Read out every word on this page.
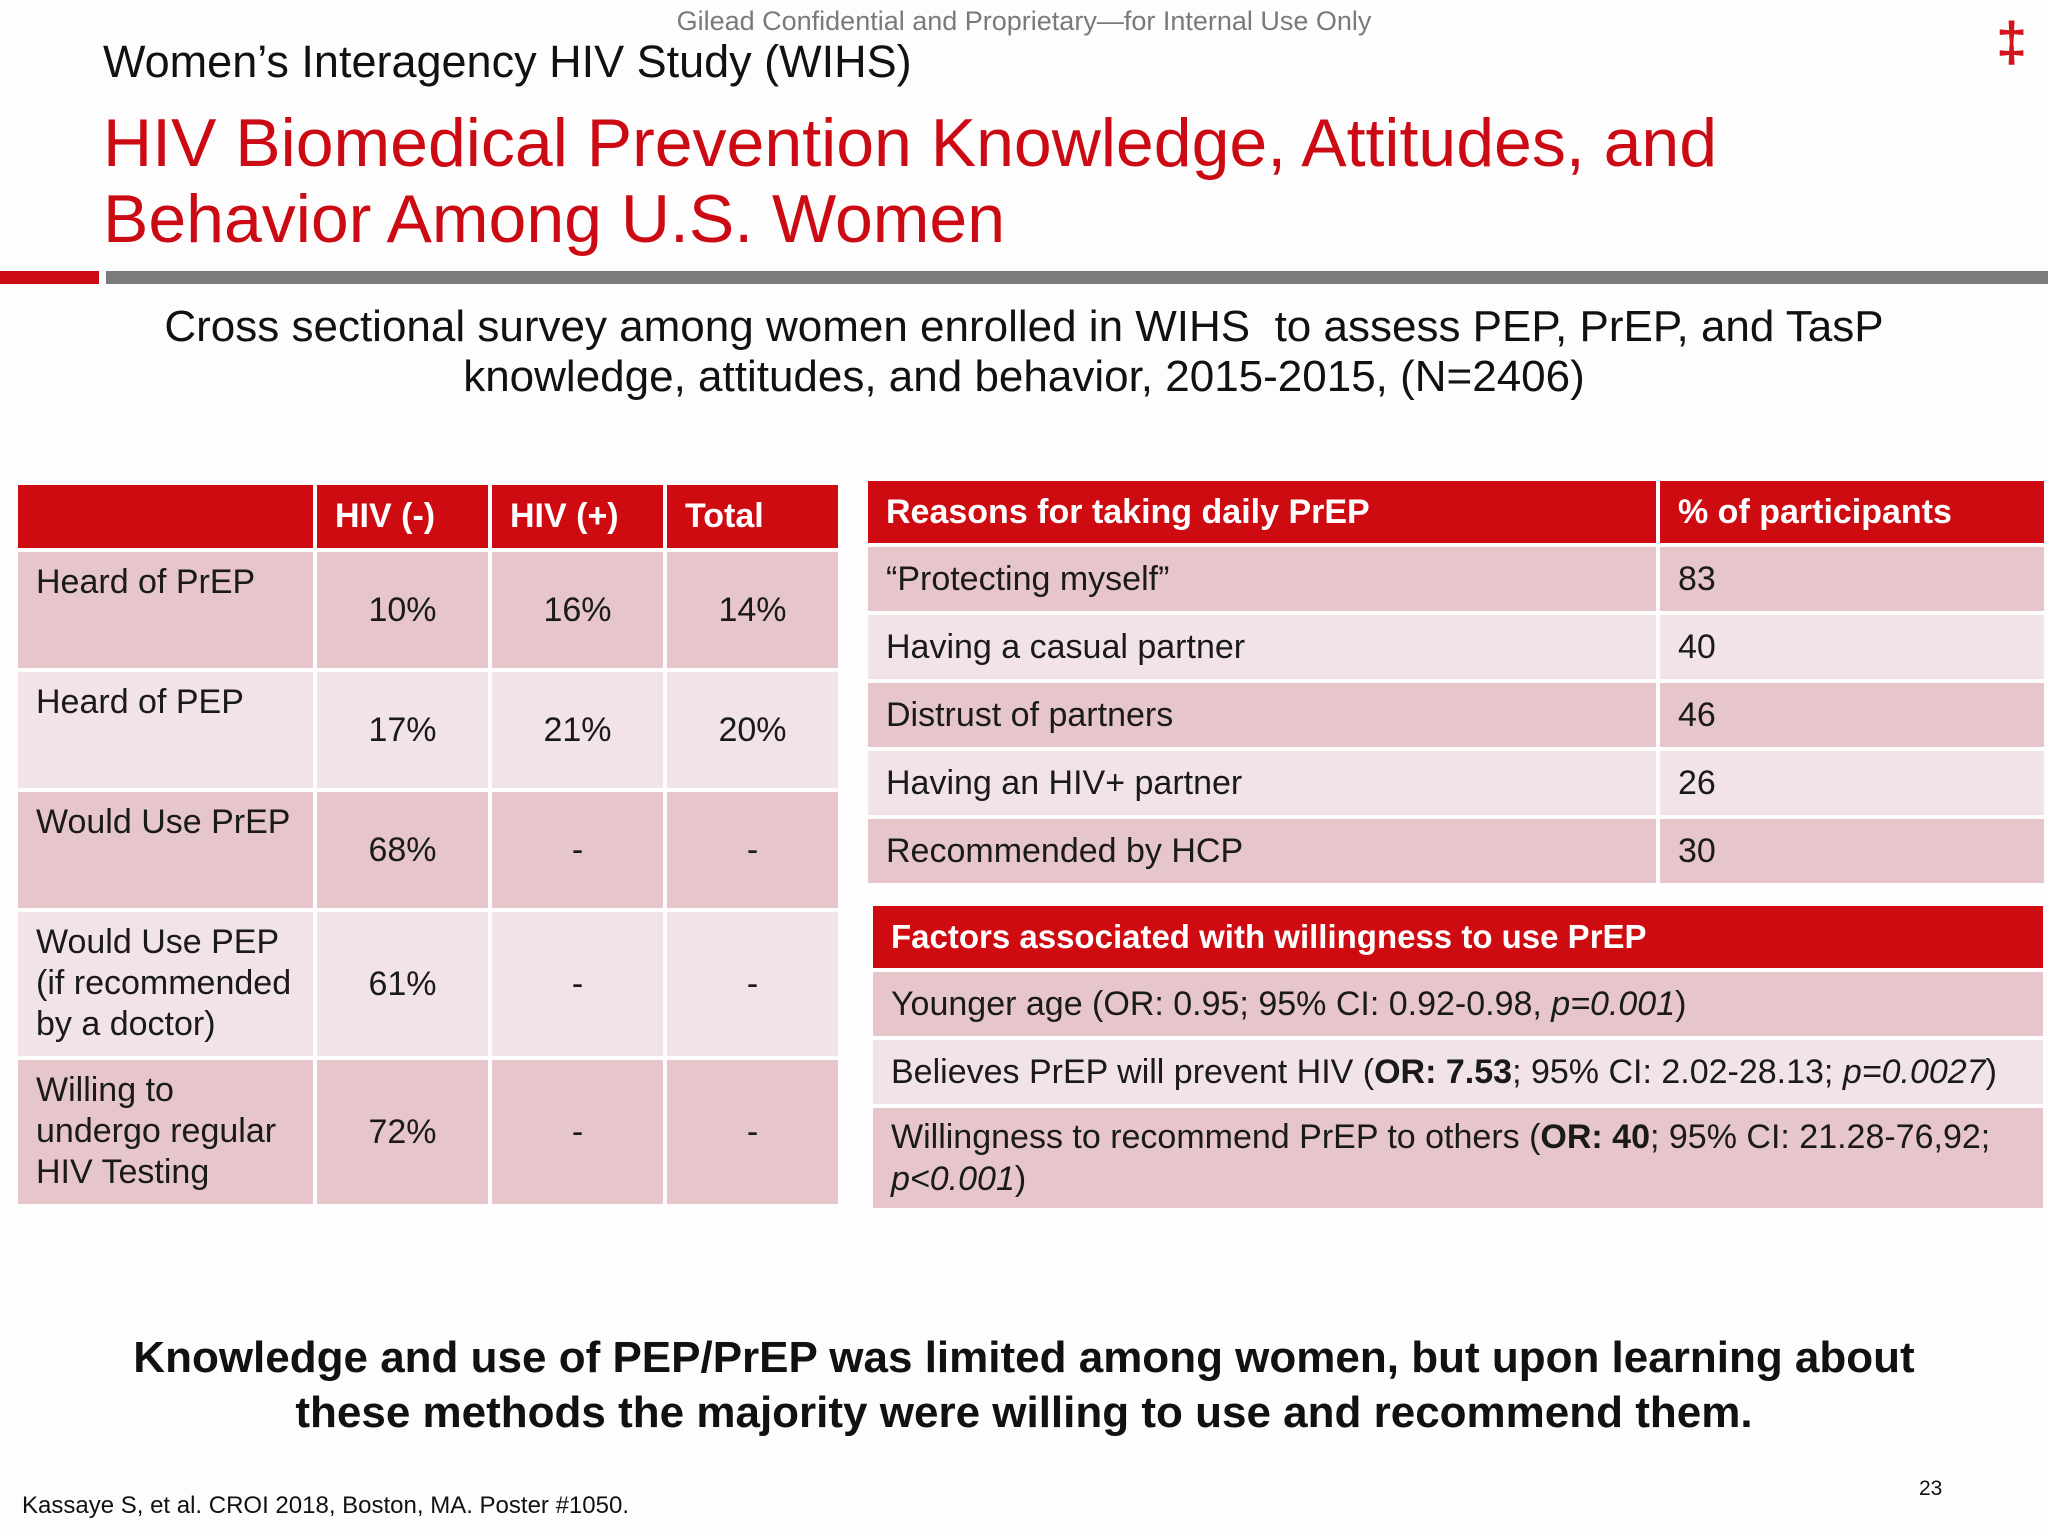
Gilead Confidential and Proprietary—for Internal Use Only	‡
Women’s Interagency HIV Study (WIHS)
HIV Biomedical Prevention Knowledge, Attitudes, and
Behavior Among U.S. Women
Cross sectional survey among women enrolled in WIHS  to assess PEP, PrEP, and TasP
knowledge, attitudes, and behavior, 2015-2015, (N=2406)
	HIV (-)	HIV (+)	Total

Heard of PrEP	10%	16%	14%

Heard of PEP	17%	21%	20%

Would Use PrEP	68%	-	-

Would Use PEP
(if recommended
by a doctor)	61%	-	-

Willing to
undergo regular
HIV Testing	72%	-	-
Reasons for taking daily PrEP	% of participants
“Protecting myself”	83
Having a casual partner	40
Distrust of partners	46
Having an HIV+ partner	26
Recommended by HCP	30
Factors associated with willingness to use PrEP
Younger age (OR: 0.95; 95% CI: 0.92-0.98, p=0.001)
Believes PrEP will prevent HIV (OR: 7.53; 95% CI: 2.02-28.13; p=0.0027)
Willingness to recommend PrEP to others (OR: 40; 95% CI: 21.28-76,92;
p<0.001)
Knowledge and use of PEP/PrEP was limited among women, but upon learning about
these methods the majority were willing to use and recommend them.
Kassaye S, et al. CROI 2018, Boston, MA. Poster #1050.
23
